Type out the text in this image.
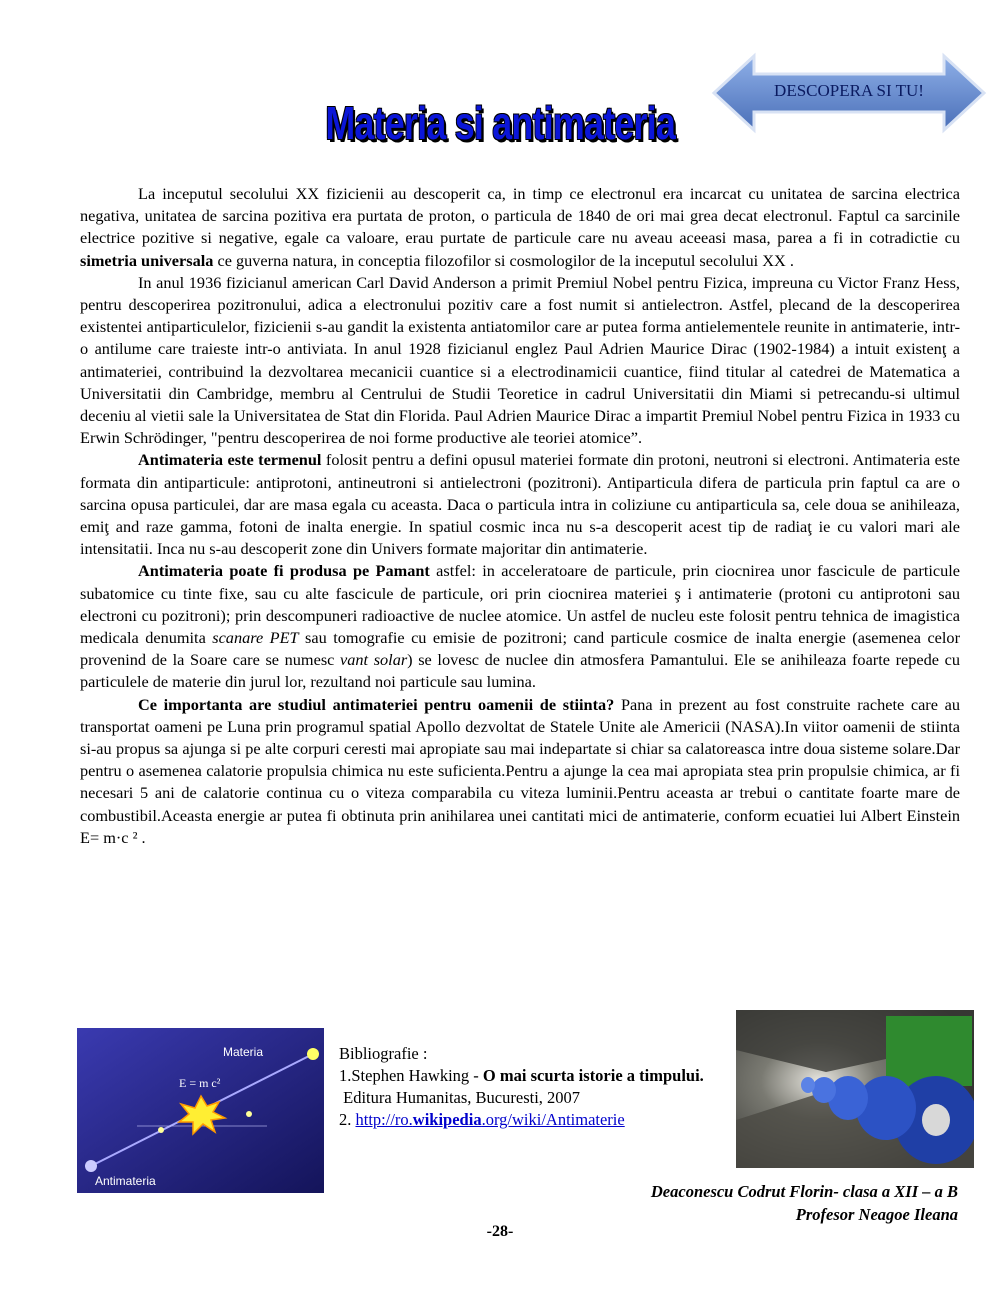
DESCOPERA SI TU!
Materia si antimateria

La inceputul secolului XX fizicienii au descoperit ca, in timp ce electronul era incarcat cu unitatea de sarcina electrica negativa, unitatea de sarcina pozitiva era purtata de proton, o particula de 1840 de ori mai grea decat electronul. Faptul ca sarcinile electrice pozitive si negative, egale ca valoare, erau purtate de particule care nu aveau aceeasi masa, parea a fi in cotradictie cu simetria universala ce guverna natura, in conceptia filozofilor si cosmologilor de la inceputul secolului XX .

In anul 1936 fizicianul american Carl David Anderson a primit Premiul Nobel pentru Fizica, impreuna cu Victor Franz Hess, pentru descoperirea pozitronului, adica a electronului pozitiv care a fost numit si antielectron. Astfel, plecand de la descoperirea existentei antiparticulelor, fizicienii s-au gandit la existenta antiatomilor care ar putea forma antielementele reunite in antimaterie, intr-o antilume care traieste intr-o antiviata. In anul 1928 fizicianul englez Paul Adrien Maurice Dirac (1902-1984) a intuit existenţ a antimateriei, contribuind la dezvoltarea mecanicii cuantice si a electrodinamicii cuantice, fiind titular al catedrei de Matematica a Universitatii din Cambridge, membru al Centrului de Studii Teoretice in cadrul Universitatii din Miami si petrecandu-si ultimul deceniu al vietii sale la Universitatea de Stat din Florida. Paul Adrien Maurice Dirac a impartit Premiul Nobel pentru Fizica in 1933 cu Erwin Schrödinger, "pentru descoperirea de noi forme productive ale teoriei atomice”.

Antimateria este termenul folosit pentru a defini opusul materiei formate din protoni, neutroni si electroni. Antimateria este formata din antiparticule: antiprotoni, antineutroni si antielectroni (pozitroni). Antiparticula difera de particula prin faptul ca are o sarcina opusa particulei, dar are masa egala cu aceasta. Daca o particula intra in coliziune cu antiparticula sa, cele doua se anihileaza, emiţ and raze gamma, fotoni de inalta energie. In spatiul cosmic inca nu s-a descoperit acest tip de radiaţ ie cu valori mari ale intensitatii. Inca nu s-au descoperit zone din Univers formate majoritar din antimaterie.

Antimateria poate fi produsa pe Pamant astfel: in acceleratoare de particule, prin ciocnirea unor fascicule de particule subatomice cu tinte fixe, sau cu alte fascicule de particule, ori prin ciocnirea materiei ş i antimaterie (protoni cu antiprotoni sau electroni cu pozitroni); prin descompuneri radioactive de nuclee atomice. Un astfel de nucleu este folosit pentru tehnica de imagistica medicala denumita scanare PET sau tomografie cu emisie de pozitroni; cand particule cosmice de inalta energie (asemenea celor provenind de la Soare care se numesc vant solar) se lovesc de nuclee din atmosfera Pamantului. Ele se anihileaza foarte repede cu particulele de materie din jurul lor, rezultand noi particule sau lumina.

Ce importanta are studiul antimateriei pentru oamenii de stiinta? Pana in prezent au fost construite rachete care au transportat oameni pe Luna prin programul spatial Apollo dezvoltat de Statele Unite ale Americii (NASA).In viitor oamenii de stiinta si-au propus sa ajunga si pe alte corpuri ceresti mai apropiate sau mai indepartate si chiar sa calatoreasca intre doua sisteme solare.Dar pentru o asemenea calatorie propulsia chimica nu este suficienta.Pentru a ajunge la cea mai apropiata stea prin propulsie chimica, ar fi necesari 5 ani de calatorie continua cu o viteza comparabila cu viteza luminii.Pentru aceasta ar trebui o cantitate foarte mare de combustibil.Aceasta energie ar putea fi obtinuta prin anihilarea unei cantitati mici de antimaterie, conform ecuatiei lui Albert Einstein E= m·c ² .

Materia
Antimateria
E = m c²
Bibliografie :
1.Stephen Hawking - O mai scurta istorie a timpului.
Editura Humanitas, Bucuresti, 2007
2. http://ro.wikipedia.org/wiki/Antimaterie
Deaconescu Codrut Florin- clasa a XII – a B
Profesor Neagoe Ileana
-28-
